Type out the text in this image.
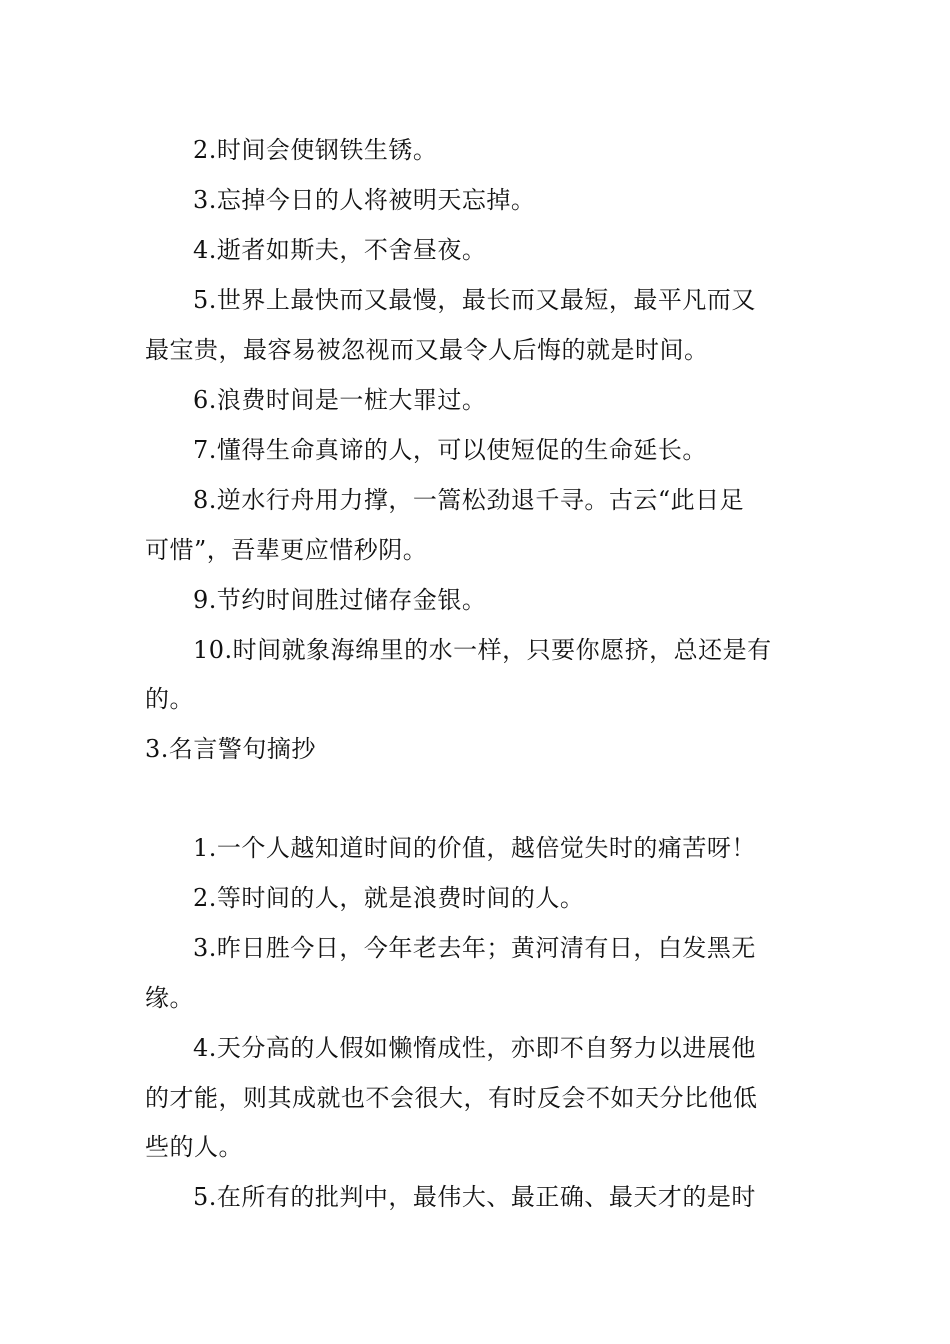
2.时间会使钢铁生锈。
3.忘掉今日的人将被明天忘掉。
4.逝者如斯夫，不舍昼夜。
5.世界上最快而又最慢，最长而又最短，最平凡而又
最宝贵，最容易被忽视而又最令人后悔的就是时间。
6.浪费时间是一桩大罪过。
7.懂得生命真谛的人，可以使短促的生命延长。
8.逆水行舟用力撑，一篙松劲退千寻。古云“此日足
可惜”，吾辈更应惜秒阴。
9.节约时间胜过储存金银。
10.时间就象海绵里的水一样，只要你愿挤，总还是有
的。
3.名言警句摘抄
1.一个人越知道时间的价值，越倍觉失时的痛苦呀！
2.等时间的人，就是浪费时间的人。
3.昨日胜今日，今年老去年；黄河清有日，白发黑无
缘。
4.天分高的人假如懒惰成性，亦即不自努力以进展他
的才能，则其成就也不会很大，有时反会不如天分比他低
些的人。
5.在所有的批判中，最伟大、最正确、最天才的是时
